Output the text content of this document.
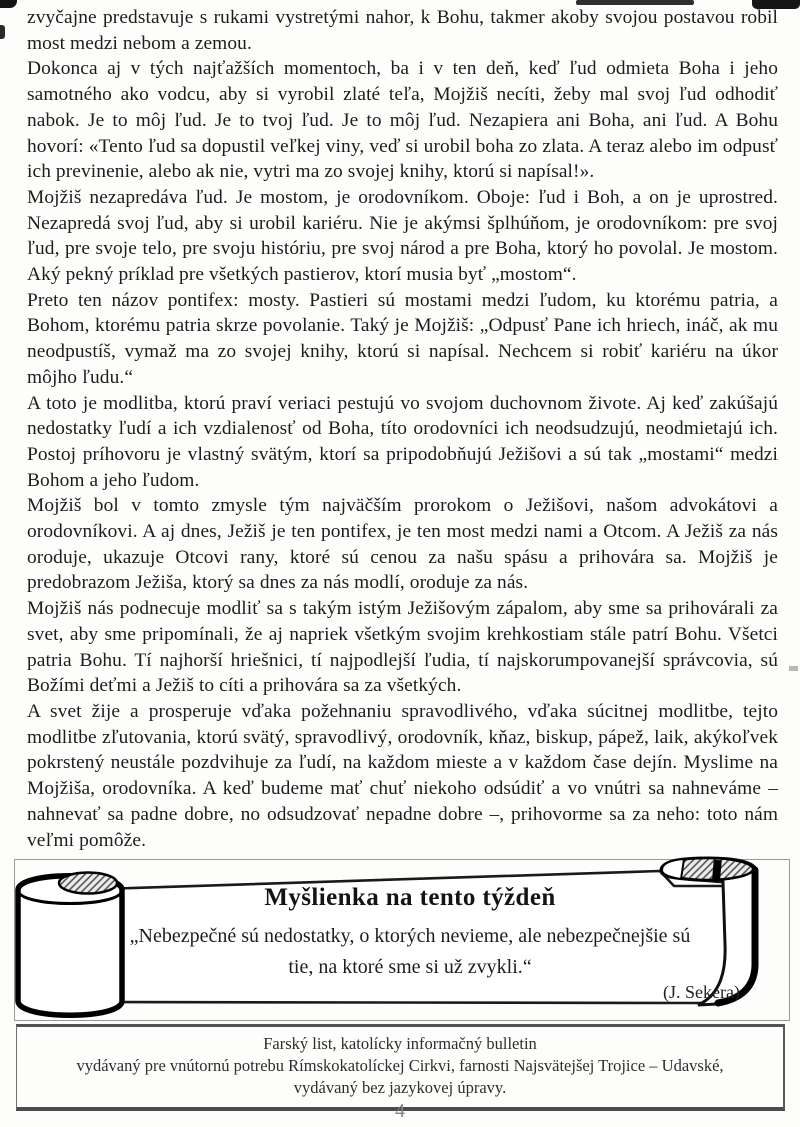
zvyčajne predstavuje s rukami vystretými nahor, k Bohu, takmer akoby svojou postavou robil most medzi nebom a zemou.

Dokonca aj v tých najťažších momentoch, ba i v ten deň, keď ľud odmieta Boha i jeho samotného ako vodcu, aby si vyrobil zlaté teľa, Mojžiš necíti, žeby mal svoj ľud odhodiť nabok. Je to môj ľud. Je to tvoj ľud. Je to môj ľud. Nezapiera ani Boha, ani ľud. A Bohu hovorí: «Tento ľud sa dopustil veľkej viny, veď si urobil boha zo zlata. A teraz alebo im odpusť ich previnenie, alebo ak nie, vytri ma zo svojej knihy, ktorú si napísal!».

Mojžiš nezapredáva ľud. Je mostom, je orodovníkom. Oboje: ľud i Boh, a on je uprostred. Nezapredá svoj ľud, aby si urobil kariéru. Nie je akýmsi šplhúňom, je orodovníkom: pre svoj ľud, pre svoje telo, pre svoju históriu, pre svoj národ a pre Boha, ktorý ho povolal. Je mostom. Aký pekný príklad pre všetkých pastierov, ktorí musia byť „mostom“.

Preto ten názov pontifex: mosty. Pastieri sú mostami medzi ľudom, ku ktorému patria, a Bohom, ktorému patria skrze povolanie. Taký je Mojžiš: „Odpusť Pane ich hriech, ináč, ak mu neodpustíš, vymaž ma zo svojej knihy, ktorú si napísal. Nechcem si robiť kariéru na úkor môjho ľudu.“

A toto je modlitba, ktorú praví veriaci pestujú vo svojom duchovnom živote. Aj keď zakúšajú nedostatky ľudí a ich vzdialenosť od Boha, títo orodovníci ich neodsudzujú, neodmietajú ich. Postoj príhovoru je vlastný svätým, ktorí sa pripodobňujú Ježišovi a sú tak „mostami“ medzi Bohom a jeho ľudom.

Mojžiš bol v tomto zmysle tým najväčším prorokom o Ježišovi, našom advokátovi a orodovníkovi. A aj dnes, Ježiš je ten pontifex, je ten most medzi nami a Otcom. A Ježiš za nás oroduje, ukazuje Otcovi rany, ktoré sú cenou za našu spásu a prihovára sa. Mojžiš je predobrazom Ježiša, ktorý sa dnes za nás modlí, oroduje za nás.

Mojžiš nás podnecuje modliť sa s takým istým Ježišovým zápalom, aby sme sa prihovárali za svet, aby sme pripomínali, že aj napriek všetkým svojim krehkostiam stále patrí Bohu. Všetci patria Bohu. Tí najhorší hriešnici, tí najpodlejší ľudia, tí najskorumpovanejší správcovia, sú Božími deťmi a Ježiš to cíti a prihovára sa za všetkých.

A svet žije a prosperuje vďaka požehnaniu spravodlivého, vďaka súcitnej modlitbe, tejto modlitbe zľutovania, ktorú svätý, spravodlivý, orodovník, kňaz, biskup, pápež, laik, akýkoľvek pokrstený neustále pozdvihuje za ľudí, na každom mieste a v každom čase dejín. Myslime na Mojžiša, orodovníka. A keď budeme mať chuť niekoho odsúdiť a vo vnútri sa nahneváme – nahnevať sa padne dobre, no odsudzovať nepadne dobre –, prihovorme sa za neho: toto nám veľmi pomôže.

Myšlienka na tento týždeň
„Nebezpečné sú nedostatky, o ktorých nevieme, ale nebezpečnejšie sú tie, na ktoré sme si už zvykli.“
(J. Sekera)
Farský list, katolícky informačný bulletin
vydávaný pre vnútornú potrebu Rímskokatolíckej Cirkvi, farnosti Najsvätejšej Trojice – Udavské,
vydávaný bez jazykovej úpravy.
4
